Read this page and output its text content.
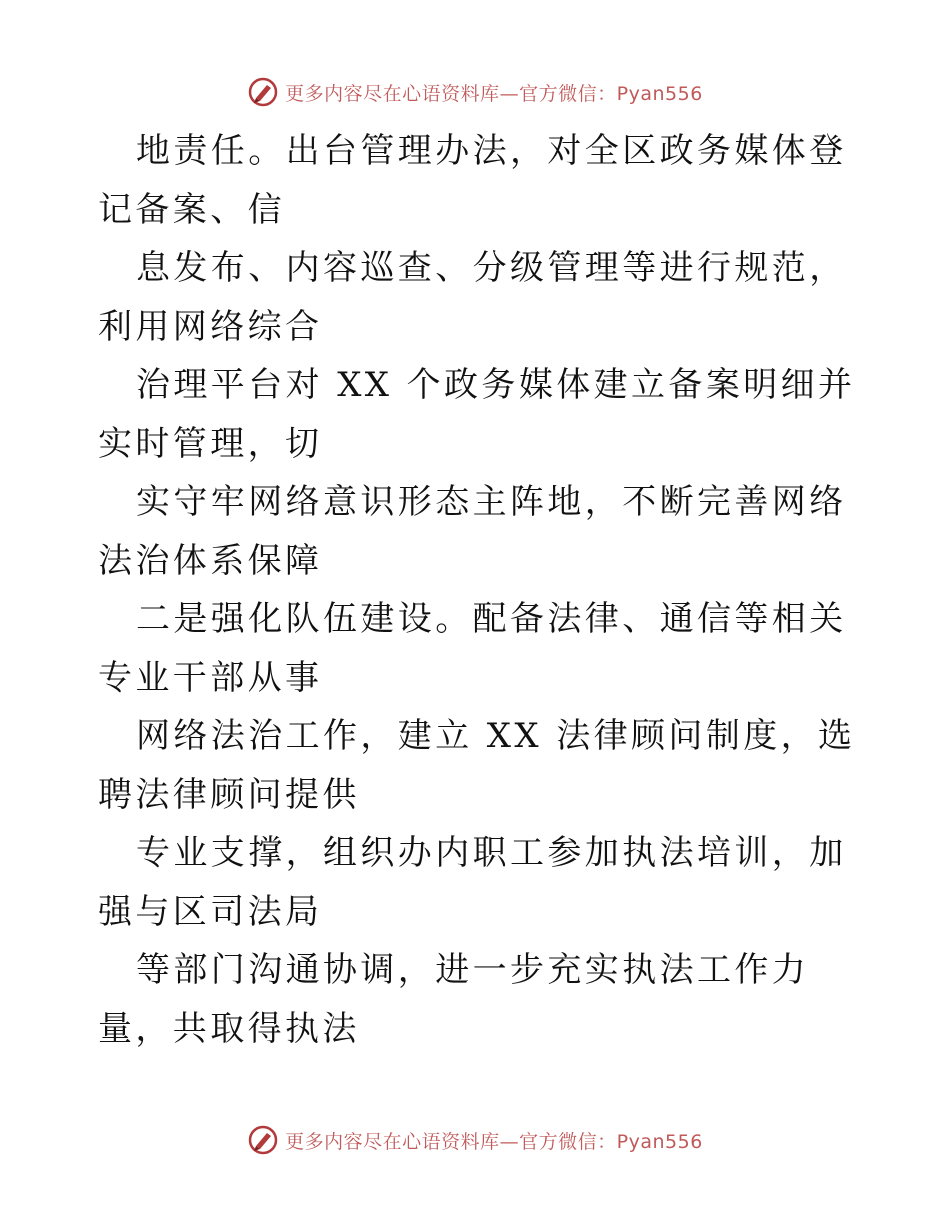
更多内容尽在心语资料库—官方微信：Pyan556

地责任。出台管理办法，对全区政务媒体登记备案、信

息发布、内容巡查、分级管理等进行规范，利用网络综合

治理平台对 XX 个政务媒体建立备案明细并实时管理，切

实守牢网络意识形态主阵地，不断完善网络法治体系保障

二是强化队伍建设。配备法律、通信等相关专业干部从事

网络法治工作，建立 XX 法律顾问制度，选聘法律顾问提供

专业支撑，组织办内职工参加执法培训，加强与区司法局

等部门沟通协调，进一步充实执法工作力量，共取得执法

更多内容尽在心语资料库—官方微信：Pyan556
